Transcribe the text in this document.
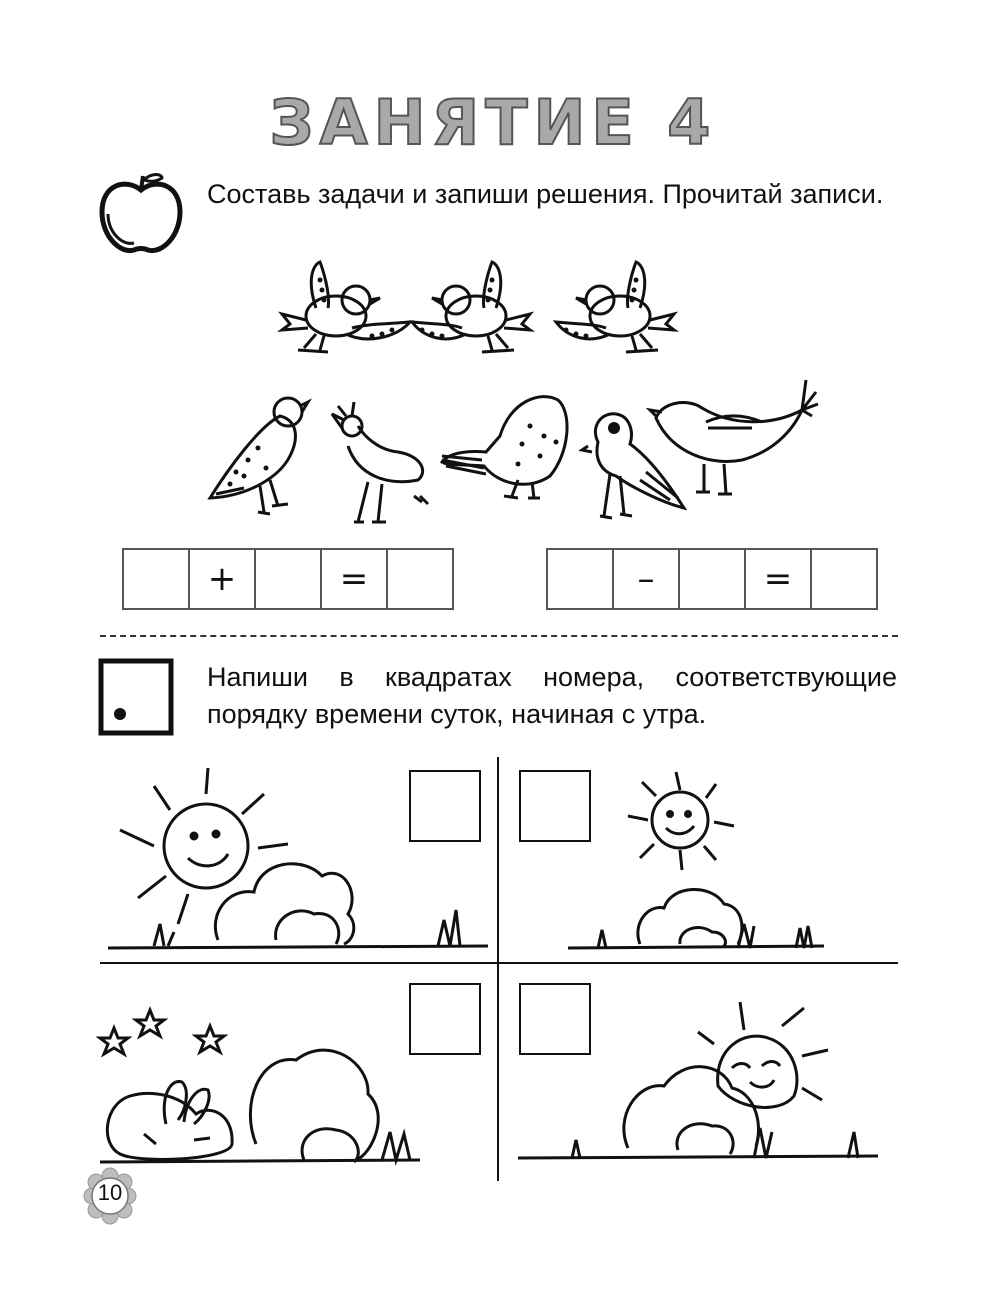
ЗАНЯТИЕ 4
Составь задачи и запиши решения. Прочитай записи.
+	=	–	=
Напиши в квадратах номера, соответствующие порядку времени суток, начиная с утра.
10
